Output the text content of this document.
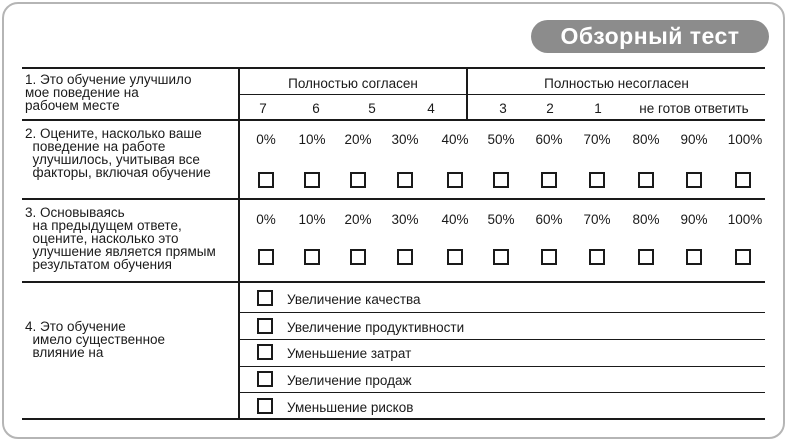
Обзорный тест
1. Это обучение улучшило
мое поведение на
рабочем месте
Полностью согласен	Полностью несогласен
7	6	5	4	3	2	1	не готов ответить
2. Оцените, насколько ваше
поведение на работе
улучшилось, учитывая все
факторы, включая обучение
0%	10%	20%	30%	40%	50%	60%	70%	80%	90%	100%
3. Основываясь
на предыдущем ответе,
оцените, насколько это
улучшение является прямым
результатом обучения
0%	10%	20%	30%	40%	50%	60%	70%	80%	90%	100%
4. Это обучение
имело существенное
влияние на
Увеличение качества
Увеличение продуктивности
Уменьшение затрат
Увеличение продаж
Уменьшение рисков
